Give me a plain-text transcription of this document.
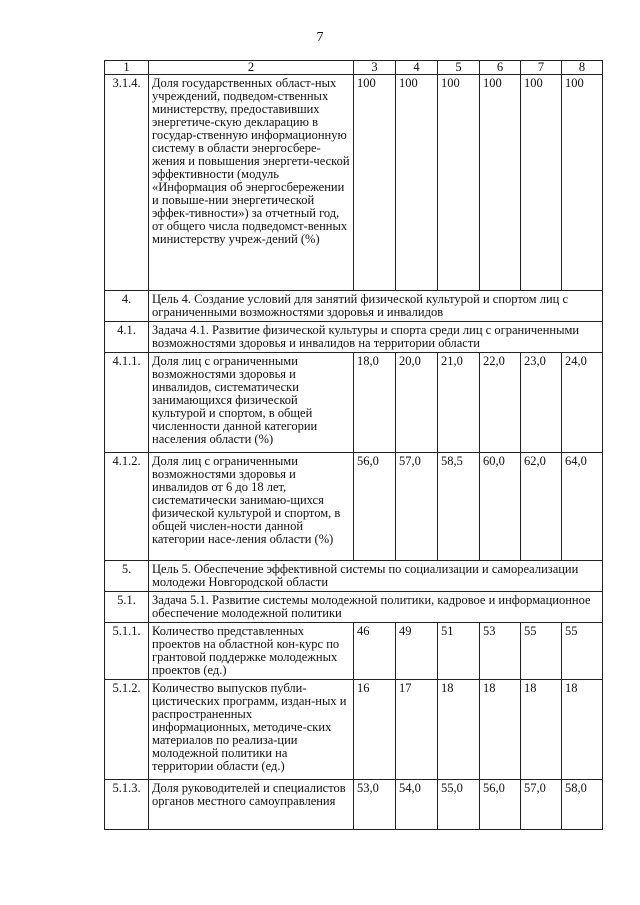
7
1	2	3	4	5	6	7	8
3.1.4.	Доля государственных област-ных учреждений, подведом-ственных министерству, предоставивших энергетиче-скую декларацию в государ-ственную информационную систему в области энергосбере-жения и повышения энергети-ческой эффективности (модуль «Информация об энергосбережении и повыше-нии энергетической эффек-тивности») за отчетный год, от общего числа подведомст-венных министерству учреж-дений (%)	100	100	100	100	100	100
4.	Цель 4. Создание условий для занятий физической культурой и спортом лиц с ограниченными возможностями здоровья и инвалидов						
4.1.	Задача 4.1. Развитие физической культуры и спорта среди лиц с ограниченными возможностями здоровья и инвалидов на территории области						
4.1.1.	Доля лиц с ограниченными возможностями здоровья и инвалидов, систематически занимающихся физической культурой и спортом, в общей численности данной категории населения области (%)	18,0	20,0	21,0	22,0	23,0	24,0
4.1.2.	Доля лиц с ограниченными возможностями здоровья и инвалидов от 6 до 18 лет, систематически занимаю-щихся физической культурой и спортом, в общей числен-ности данной категории насе-ления области (%)	56,0	57,0	58,5	60,0	62,0	64,0
5.	Цель 5. Обеспечение эффективной системы по социализации и самореализации молодежи Новгородской области						
5.1.	Задача 5.1. Развитие системы молодежной политики, кадровое и информационное обеспечение молодежной политики						
5.1.1.	Количество представленных проектов на областной кон-курс по грантовой поддержке молодежных проектов (ед.)	46	49	51	53	55	55
5.1.2.	Количество выпусков публи-цистических программ, издан-ных и распространенных информационных, методиче-ских материалов по реализа-ции молодежной политики на территории области (ед.)	16	17	18	18	18	18
5.1.3.	Доля руководителей и специалистов органов местного самоуправления	53,0	54,0	55,0	56,0	57,0	58,0
